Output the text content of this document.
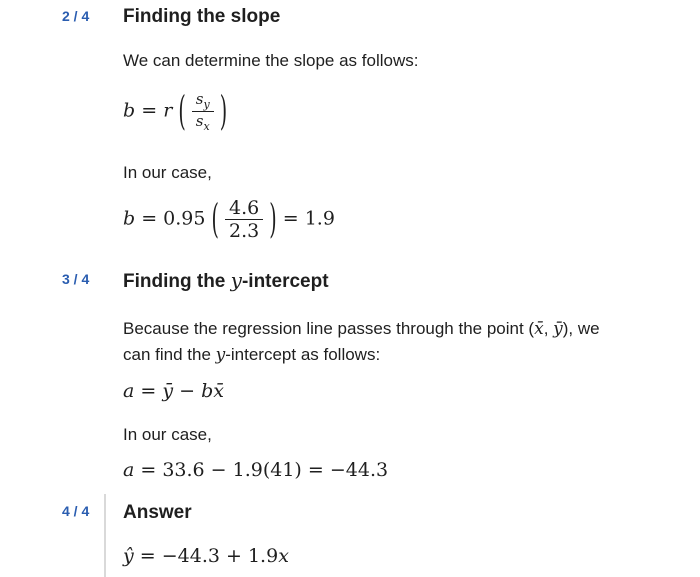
2 / 4 Finding the slope
We can determine the slope as follows:
b = r ( $\frac{s_y}{s_x}$ )
In our case,
b = 0.95 ( $\frac{4.6}{2.3}$ ) = 1.9
3 / 4 Finding the y-intercept
Because the regression line passes through the point (x̄, ȳ), we
can find the y-intercept as follows:
a = ȳ − bx̄
In our case,
a = 33.6 − 1.9(41) = −44.3
4 / 4 Answer
ŷ = −44.3 + 1.9x
